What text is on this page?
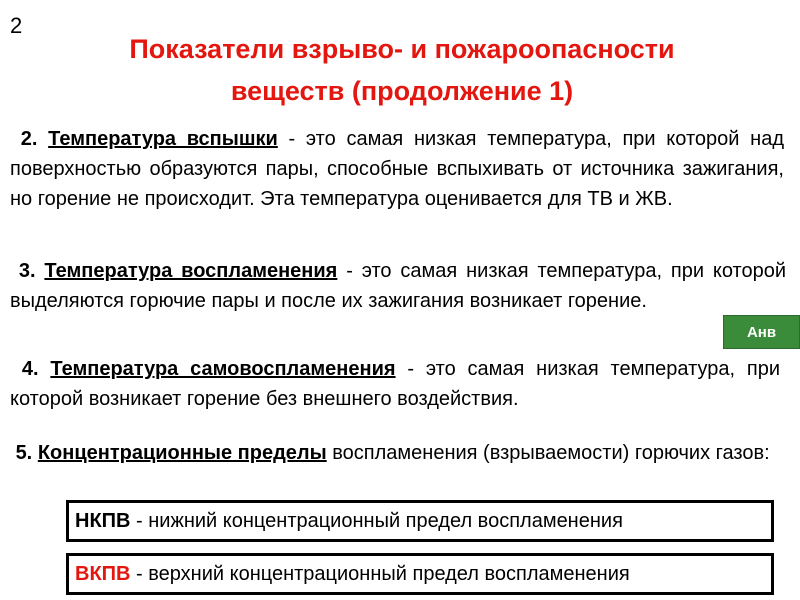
2
Показатели взрыво- и пожароопасности
веществ (продолжение 1)
2. Температура вспышки - это самая низкая температура, при которой над поверхностью образуются пары, способные вспыхивать от источника зажигания, но горение не происходит. Эта температура оценивается для ТВ и ЖВ.
3. Температура воспламенения - это самая низкая температура, при которой выделяются горючие пары и после их зажигания возникает горение.
4. Температура самовоспламенения - это самая низкая температура, при которой возникает горение без внешнего воздействия.
5. Концентрационные пределы воспламенения (взрываемости) горючих газов:
Анв
НКПВ - нижний концентрационный предел воспламенения
ВКПВ - верхний концентрационный предел воспламенения
